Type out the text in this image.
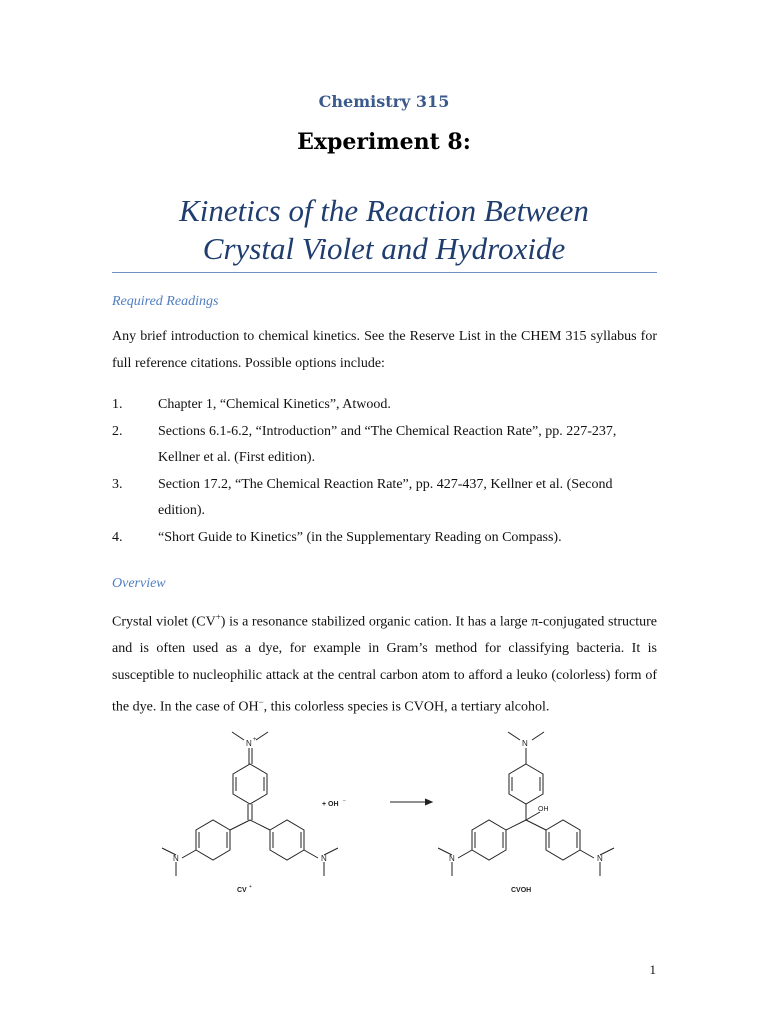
Chemistry 315
Experiment 8:
Kinetics of the Reaction Between
Crystal Violet and Hydroxide
Required Readings
Any brief introduction to chemical kinetics. See the Reserve List in the CHEM 315 syllabus for full reference citations. Possible options include:
1.	Chapter 1, “Chemical Kinetics”, Atwood.
2.	Sections 6.1-6.2, “Introduction” and “The Chemical Reaction Rate”, pp. 227-237, Kellner et al. (First edition).
3.	Section 17.2, “The Chemical Reaction Rate”, pp. 427-437, Kellner et al. (Second edition).
4.	“Short Guide to Kinetics” (in the Supplementary Reading on Compass).
Overview
Crystal violet (CV+) is a resonance stabilized organic cation. It has a large π-conjugated structure and is often used as a dye, for example in Gram’s method for classifying bacteria. It is susceptible to nucleophilic attack at the central carbon atom to afford a leuko (colorless) form of the dye. In the case of OH−, this colorless species is CVOH, a tertiary alcohol.
N +
N	N
N
N	N
OH
+ OH −
CV +	CVOH
1
